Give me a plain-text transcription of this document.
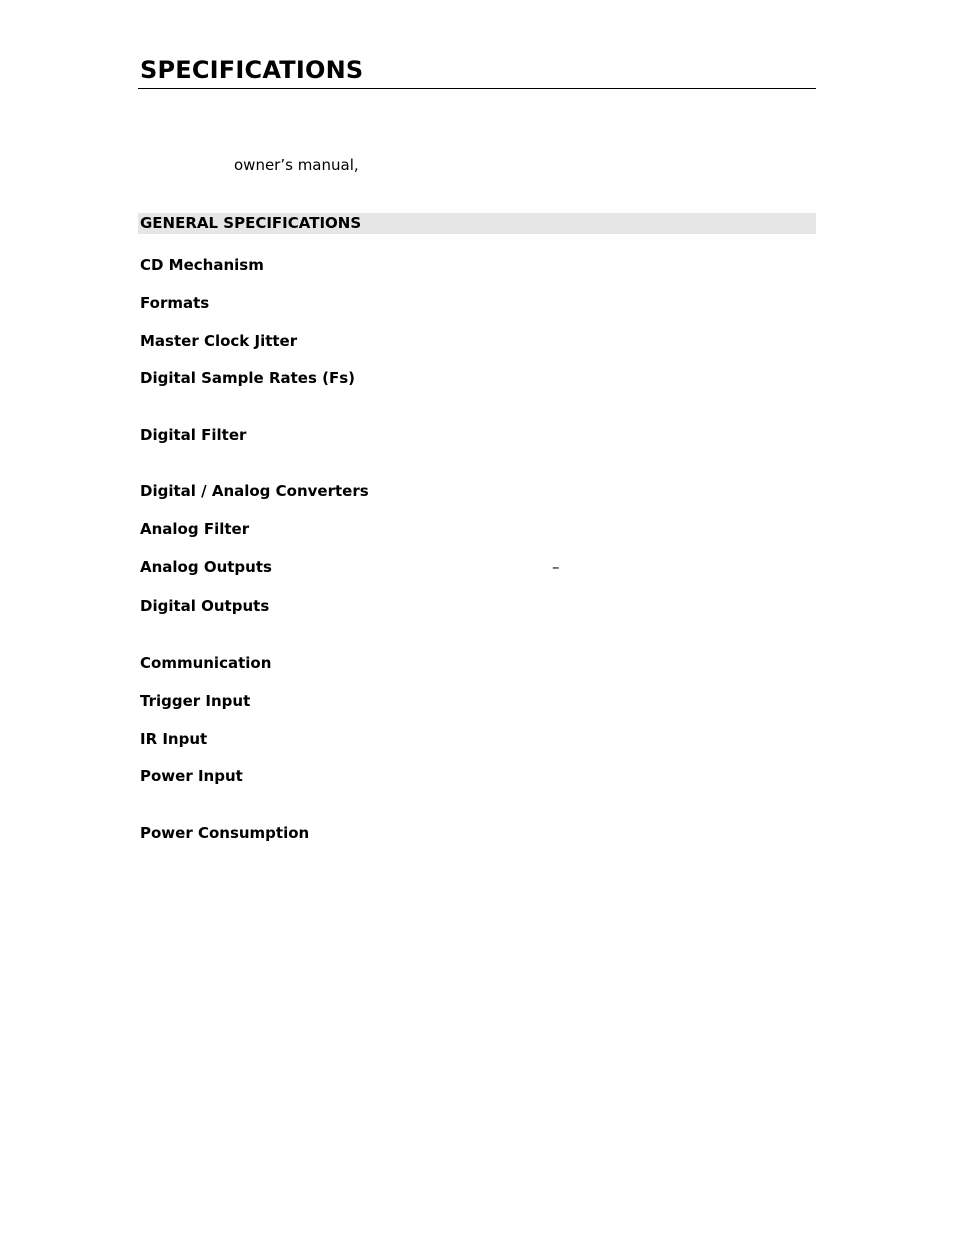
SPECIFICATIONS
owner’s manual,
GENERAL SPECIFICATIONS
CD Mechanism
Formats
Master Clock Jitter
Digital Sample Rates (Fs)
Digital Filter
Digital / Analog Converters
Analog Filter
Analog Outputs	–
Digital Outputs
Communication
Trigger Input
IR Input
Power Input
Power Consumption
